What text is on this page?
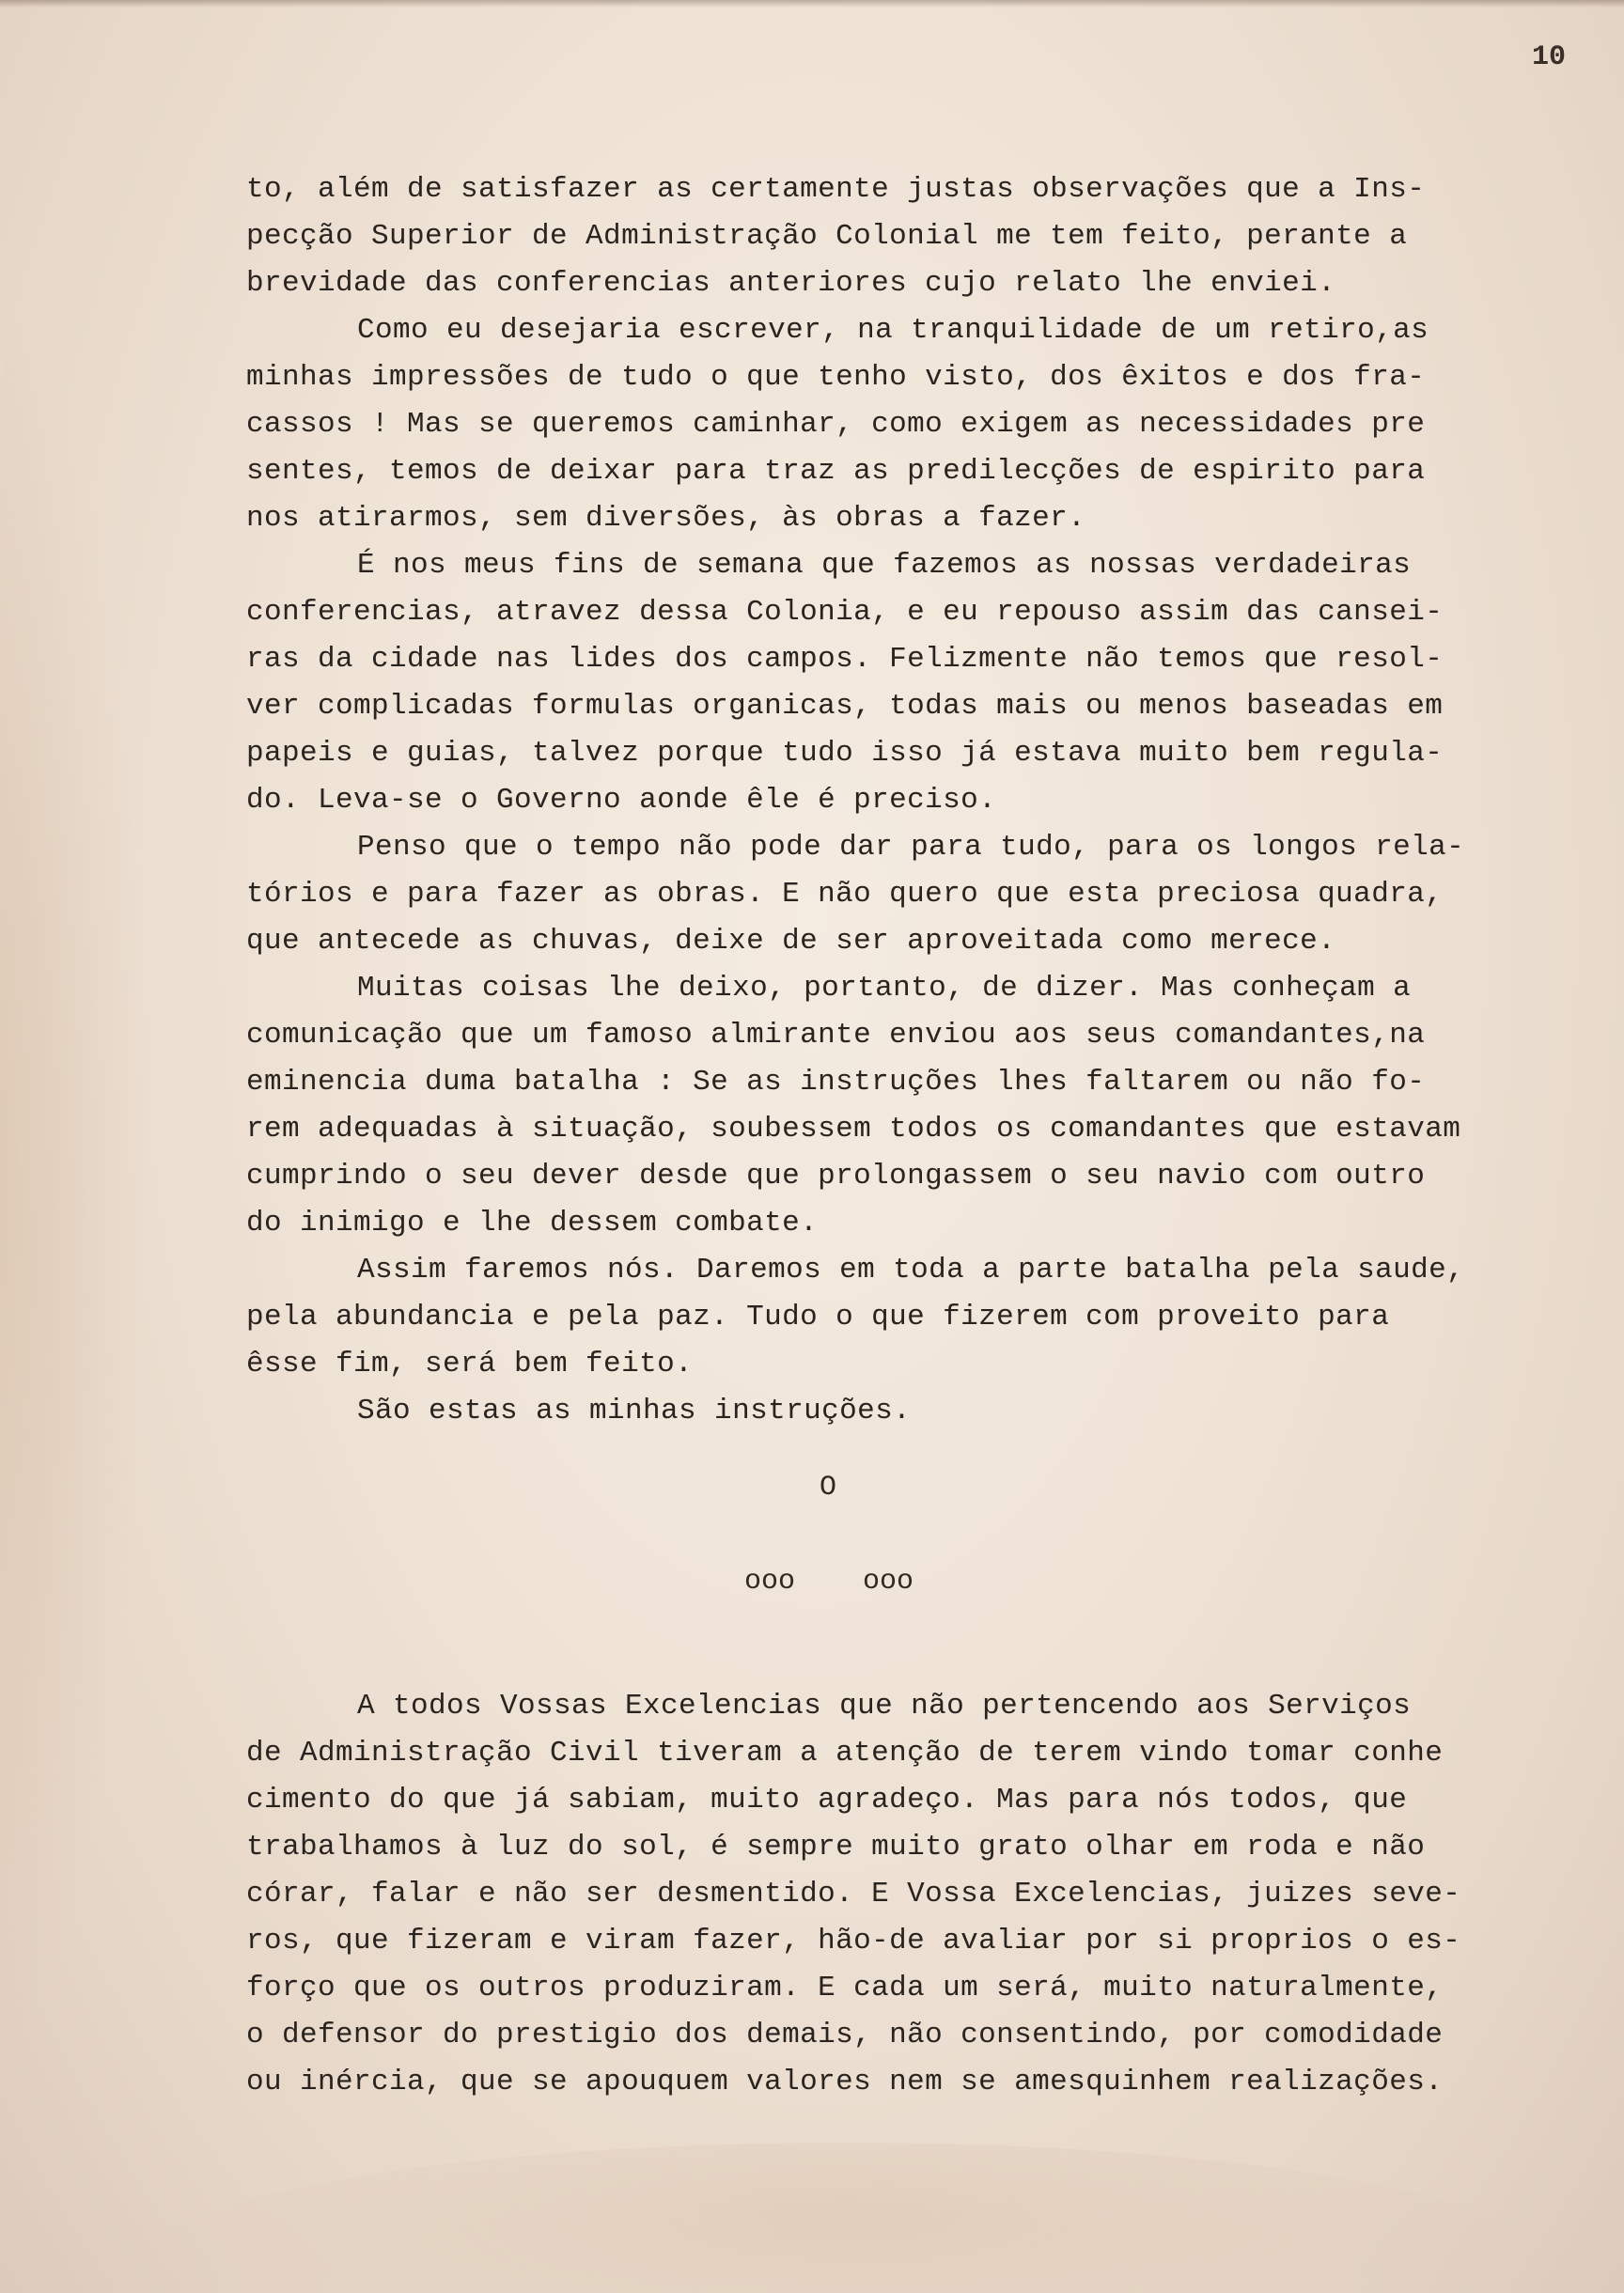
10
to, além de satisfazer as certamente justas observações que a Ins-
pecção Superior de Administração Colonial me tem feito, perante a
brevidade das conferencias anteriores cujo relato lhe enviei.
Como eu desejaria escrever, na tranquilidade de um retiro,as
minhas impressões de tudo o que tenho visto, dos êxitos e dos fra-
cassos ! Mas se queremos caminhar, como exigem as necessidades pre
sentes, temos de deixar para traz as predilecções de espirito para
nos atirarmos, sem diversões, às obras a fazer.
É nos meus fins de semana que fazemos as nossas verdadeiras
conferencias, atravez dessa Colonia, e eu repouso assim das cansei-
ras da cidade nas lides dos campos. Felizmente não temos que resol-
ver complicadas formulas organicas, todas mais ou menos baseadas em
papeis e guias, talvez porque tudo isso já estava muito bem regula-
do. Leva-se o Governo aonde êle é preciso.
Penso que o tempo não pode dar para tudo, para os longos rela-
tórios e para fazer as obras. E não quero que esta preciosa quadra,
que antecede as chuvas, deixe de ser aproveitada como merece.
Muitas coisas lhe deixo, portanto, de dizer. Mas conheçam a
comunicação que um famoso almirante enviou aos seus comandantes,na
eminencia duma batalha : Se as instruções lhes faltarem ou não fo-
rem adequadas à situação, soubessem todos os comandantes que estavam
cumprindo o seu dever desde que prolongassem o seu navio com outro
do inimigo e lhe dessem combate.
Assim faremos nós. Daremos em toda a parte batalha pela saude,
pela abundancia e pela paz. Tudo o que fizerem com proveito para
êsse fim, será bem feito.
São estas as minhas instruções.
O
ooo    ooo
A todos Vossas Excelencias que não pertencendo aos Serviços
de Administração Civil tiveram a atenção de terem vindo tomar conhe
cimento do que já sabiam, muito agradeço. Mas para nós todos, que
trabalhamos à luz do sol, é sempre muito grato olhar em roda e não
córar, falar e não ser desmentido. E Vossa Excelencias, juizes seve-
ros, que fizeram e viram fazer, hão-de avaliar por si proprios o es-
forço que os outros produziram. E cada um será, muito naturalmente,
o defensor do prestigio dos demais, não consentindo, por comodidade
ou inércia, que se apouquem valores nem se amesquinhem realizações.
